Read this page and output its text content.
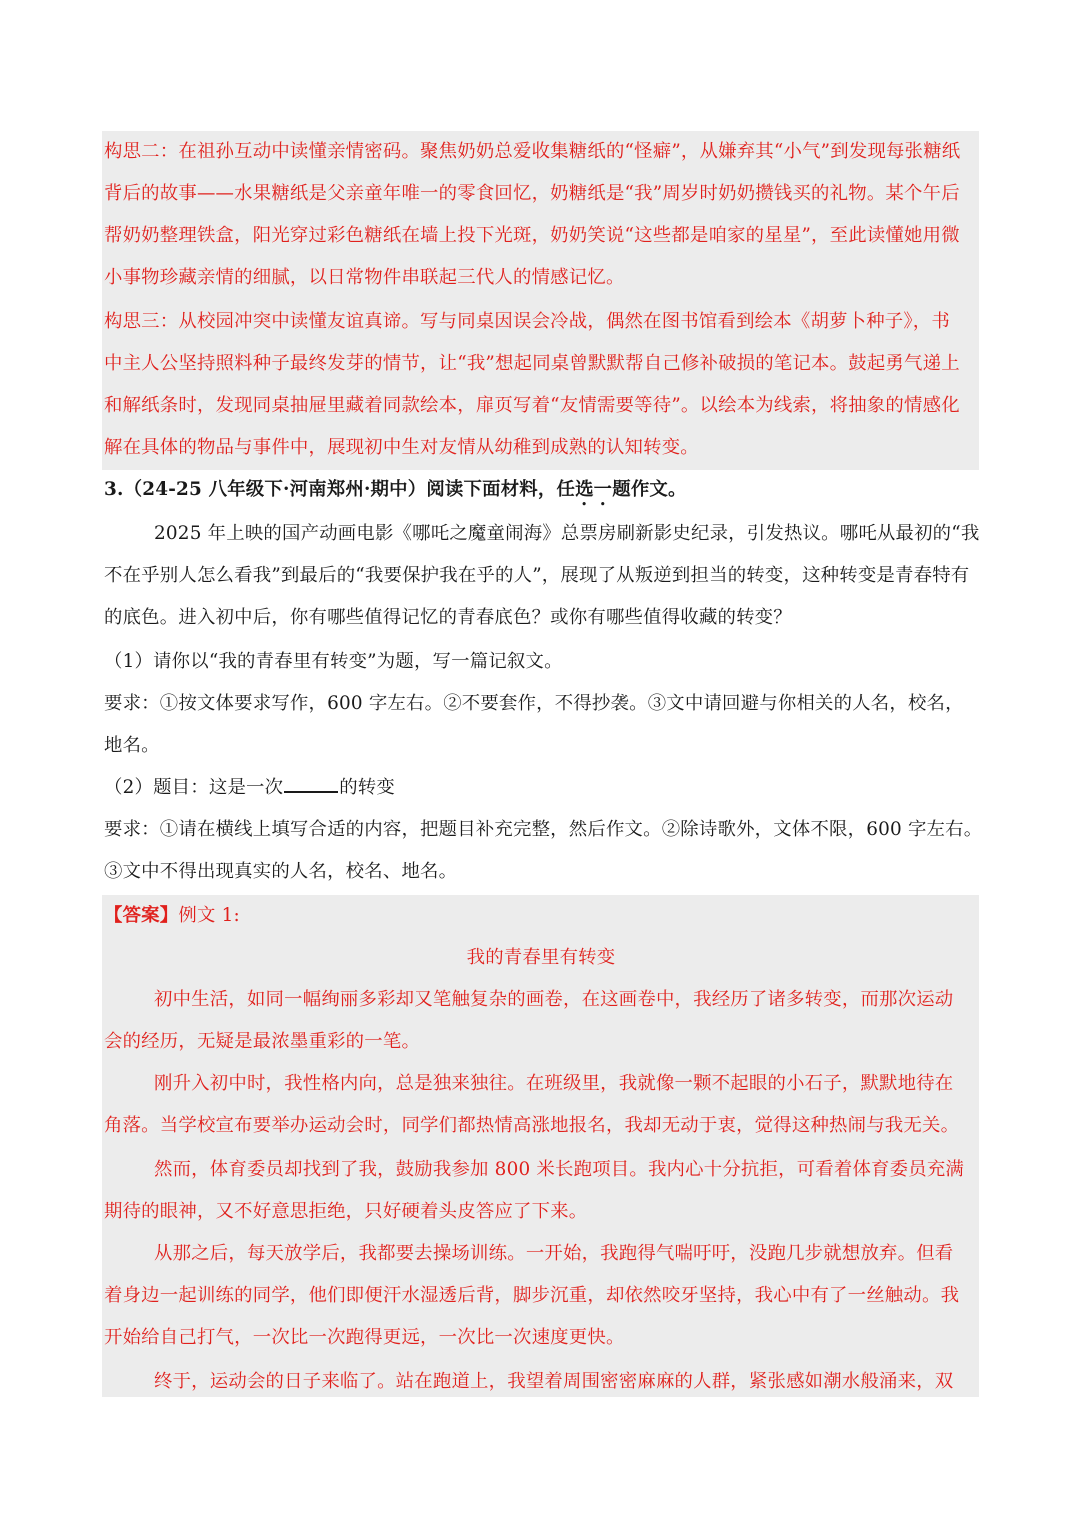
构思二：在祖孙互动中读懂亲情密码。聚焦奶奶总爱收集糖纸的“怪癖”，从嫌弃其“小气”到发现每张糖纸
背后的故事——水果糖纸是父亲童年唯一的零食回忆，奶糖纸是“我”周岁时奶奶攒钱买的礼物。某个午后
帮奶奶整理铁盒，阳光穿过彩色糖纸在墙上投下光斑，奶奶笑说“这些都是咱家的星星”，至此读懂她用微
小事物珍藏亲情的细腻，以日常物件串联起三代人的情感记忆。
构思三：从校园冲突中读懂友谊真谛。写与同桌因误会冷战，偶然在图书馆看到绘本《胡萝卜种子》，书
中主人公坚持照料种子最终发芽的情节，让“我”想起同桌曾默默帮自己修补破损的笔记本。鼓起勇气递上
和解纸条时，发现同桌抽屉里藏着同款绘本，扉页写着“友情需要等待”。以绘本为线索，将抽象的情感化
解在具体的物品与事件中，展现初中生对友情从幼稚到成熟的认知转变。
3.（24-25 八年级下·河南郑州·期中）阅读下面材料，任选一题作文。
2025 年上映的国产动画电影《哪吒之魔童闹海》总票房刷新影史纪录，引发热议。哪吒从最初的“我
不在乎别人怎么看我”到最后的“我要保护我在乎的人”，展现了从叛逆到担当的转变，这种转变是青春特有
的底色。进入初中后，你有哪些值得记忆的青春底色？或你有哪些值得收藏的转变？
（1）请你以“我的青春里有转变”为题，写一篇记叙文。
要求：①按文体要求写作，600 字左右。②不要套作，不得抄袭。③文中请回避与你相关的人名，校名，
地名。
（2）题目：这是一次	的转变
要求：①请在横线上填写合适的内容，把题目补充完整，然后作文。②除诗歌外，文体不限，600 字左右。
③文中不得出现真实的人名，校名、地名。
【答案】例文 1:
我的青春里有转变
初中生活，如同一幅绚丽多彩却又笔触复杂的画卷，在这画卷中，我经历了诸多转变，而那次运动
会的经历，无疑是最浓墨重彩的一笔。
刚升入初中时，我性格内向，总是独来独往。在班级里，我就像一颗不起眼的小石子，默默地待在
角落。当学校宣布要举办运动会时，同学们都热情高涨地报名，我却无动于衷，觉得这种热闹与我无关。
然而，体育委员却找到了我，鼓励我参加 800 米长跑项目。我内心十分抗拒，可看着体育委员充满
期待的眼神，又不好意思拒绝，只好硬着头皮答应了下来。
从那之后，每天放学后，我都要去操场训练。一开始，我跑得气喘吁吁，没跑几步就想放弃。但看
着身边一起训练的同学，他们即便汗水湿透后背，脚步沉重，却依然咬牙坚持，我心中有了一丝触动。我
开始给自己打气，一次比一次跑得更远，一次比一次速度更快。
终于，运动会的日子来临了。站在跑道上，我望着周围密密麻麻的人群，紧张感如潮水般涌来，双
